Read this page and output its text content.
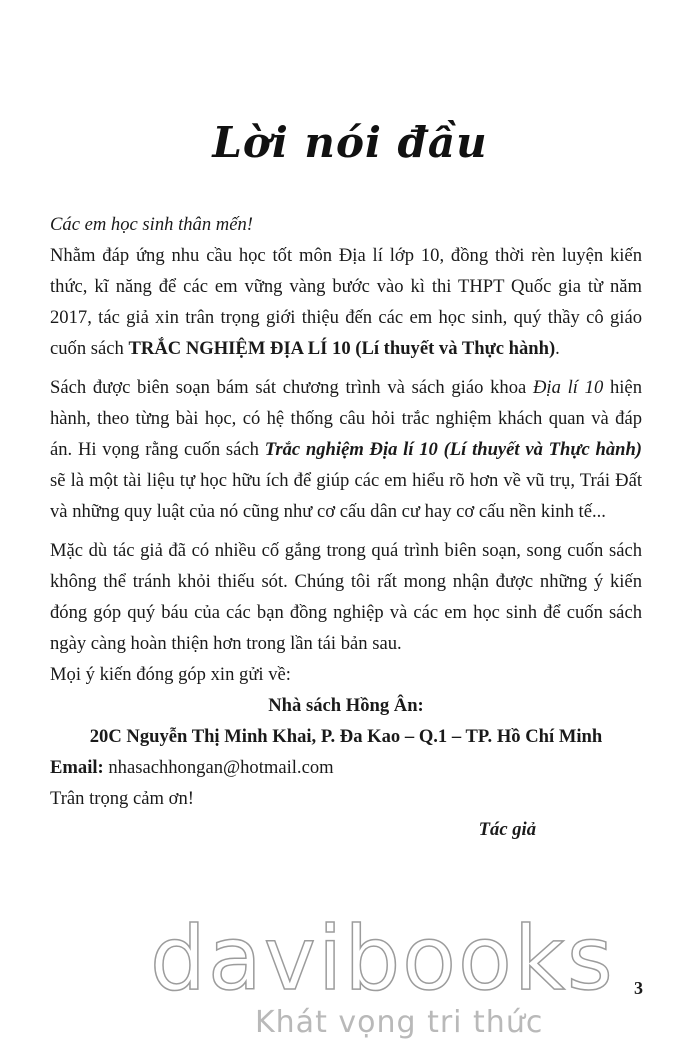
Lời nói đầu

Các em học sinh thân mến!

Nhằm đáp ứng nhu cầu học tốt môn Địa lí lớp 10, đồng thời rèn luyện kiến thức, kĩ năng để các em vững vàng bước vào kì thi THPT Quốc gia từ năm 2017, tác giả xin trân trọng giới thiệu đến các em học sinh, quý thầy cô giáo cuốn sách TRẮC NGHIỆM ĐỊA LÍ 10 (Lí thuyết và Thực hành).

Sách được biên soạn bám sát chương trình và sách giáo khoa Địa lí 10 hiện hành, theo từng bài học, có hệ thống câu hỏi trắc nghiệm khách quan và đáp án. Hi vọng rằng cuốn sách Trắc nghiệm Địa lí 10 (Lí thuyết và Thực hành) sẽ là một tài liệu tự học hữu ích để giúp các em hiểu rõ hơn về vũ trụ, Trái Đất và những quy luật của nó cũng như cơ cấu dân cư hay cơ cấu nền kinh tế...

Mặc dù tác giả đã có nhiều cố gắng trong quá trình biên soạn, song cuốn sách không thể tránh khỏi thiếu sót. Chúng tôi rất mong nhận được những ý kiến đóng góp quý báu của các bạn đồng nghiệp và các em học sinh để cuốn sách ngày càng hoàn thiện hơn trong lần tái bản sau.

Mọi ý kiến đóng góp xin gửi về:

Nhà sách Hồng Ân:

20C Nguyễn Thị Minh Khai, P. Đa Kao – Q.1 – TP. Hồ Chí Minh

Email: nhasachhongan@hotmail.com

Trân trọng cảm ơn!

Tác giả

davibooks
Khát vọng tri thức
3
